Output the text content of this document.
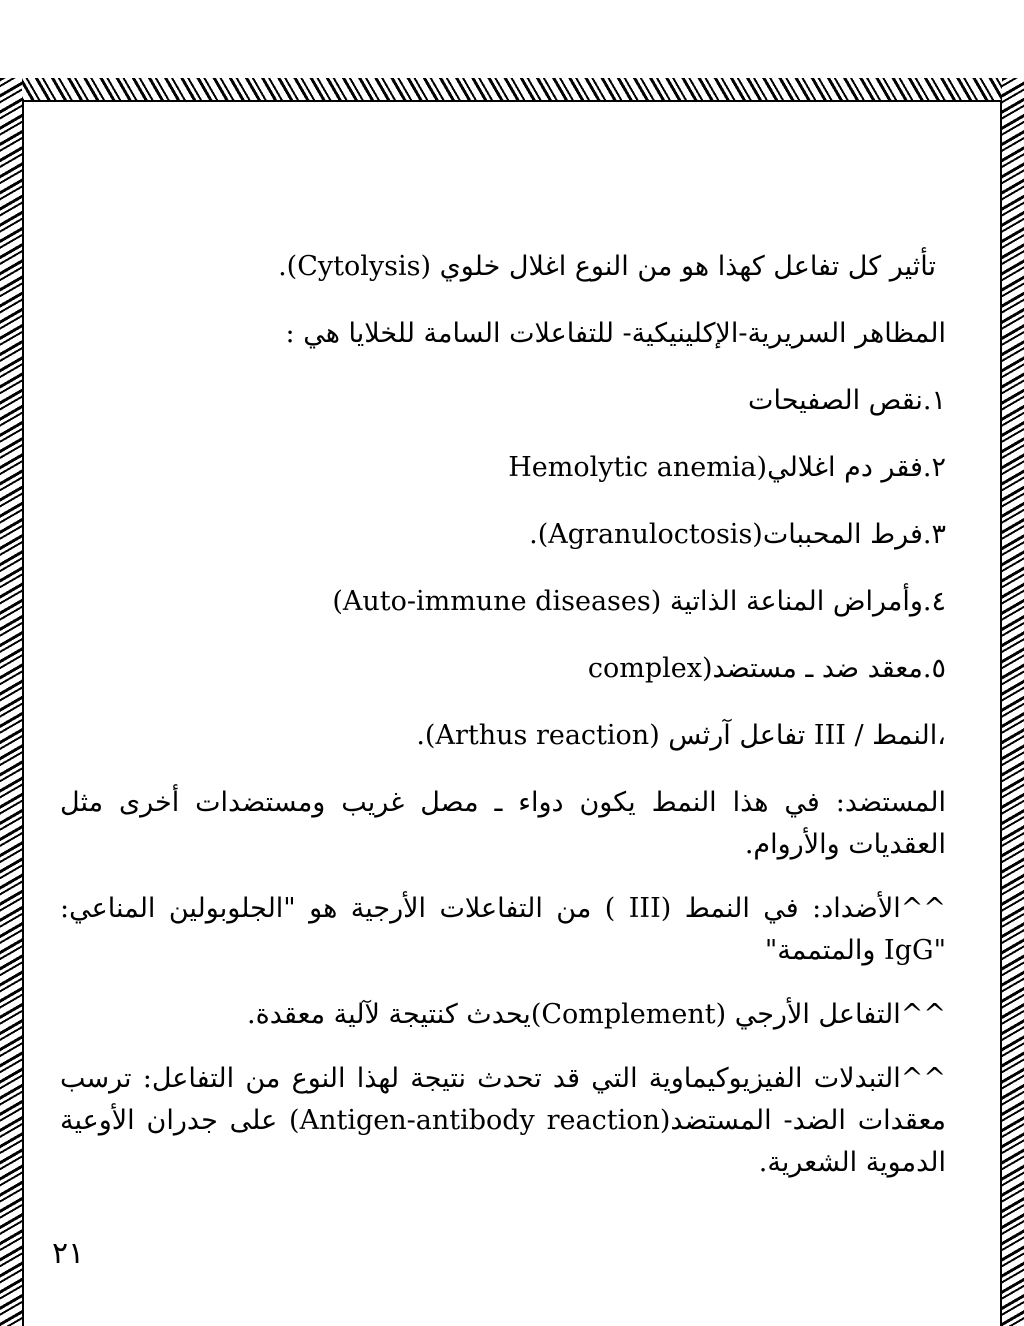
تأثير كل تفاعل كهذا هو من النوع اغلال خلوي (Cytolysis).

المظاهر السريرية-الإكلينيكية- للتفاعلات السامة للخلايا هي :

١.نقص الصفيحات

٢.فقر دم اغلالي(Hemolytic anemia

٣.فرط المحببات(Agranuloctosis).

٤.وأمراض المناعة الذاتية (Auto-immune diseases)

٥.معقد ضد ـ مستضد(complex

،النمط / III تفاعل آرثس (Arthus reaction).

المستضد: في هذا النمط يكون دواء ـ مصل غريب ومستضدات أخرى مثل العقديات والأروام.

^^الأضداد: في النمط (III ) من التفاعلات الأرجية هو "الجلوبولين المناعي: "IgG والمتممة"

^^التفاعل الأرجي (Complement)يحدث كنتيجة لآلية معقدة.

^^التبدلات الفيزيوكيماوية التي قد تحدث نتيجة لهذا النوع من التفاعل: ترسب معقدات الضد- المستضد(Antigen-antibody reaction) على جدران الأوعية الدموية الشعرية.

٢١
